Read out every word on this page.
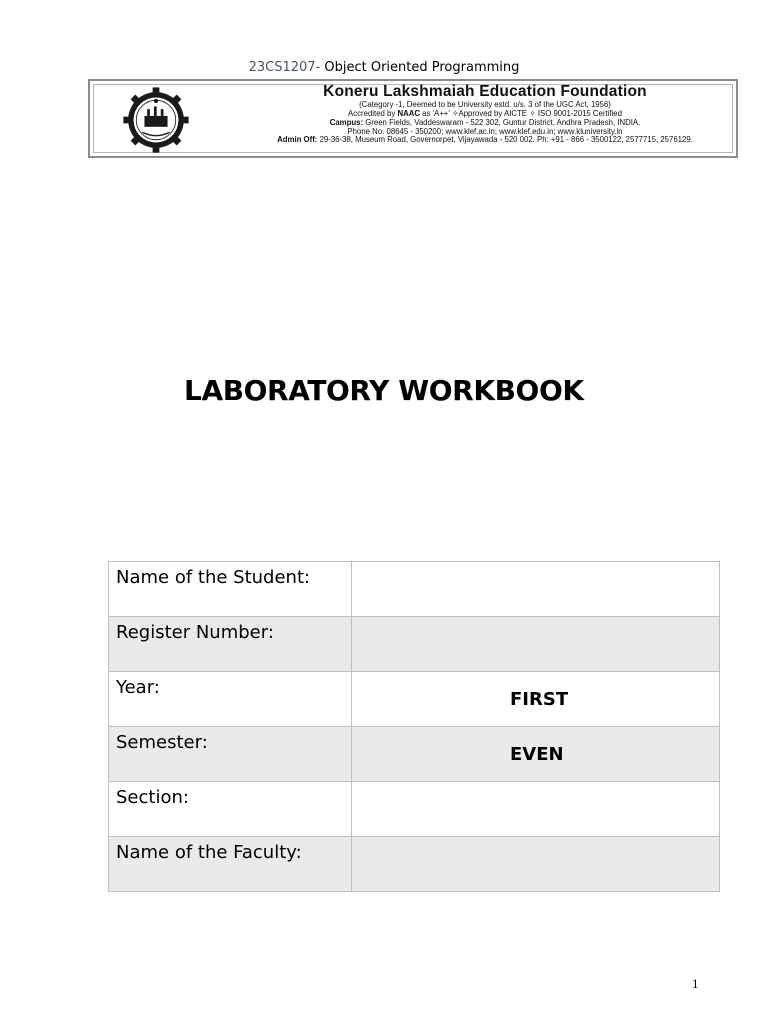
23CS1207- Object Oriented Programming
Koneru Lakshmaiah Education Foundation
(Category -1, Deemed to be University estd. u/s. 3 of the UGC Act, 1956)
Accredited by NAAC as 'A++' ✧Approved by AICTE ✧ ISO 9001-2015 Certified
Campus: Green Fields, Vaddeswaram - 522 302, Guntur District, Andhra Pradesh, INDIA.
Phone No. 08645 - 350200; www.klef.ac.in; www.klef.edu.in; www.kluniversity.in
Admin Off: 29-36-38, Museum Road, Governorpet, Vijayawada - 520 002. Ph: +91 - 866 - 3500122, 2577715, 2576129.
LABORATORY WORKBOOK
Name of the Student:	

Register Number:	

Year:	FIRST

Semester:	EVEN

Section:	

Name of the Faculty:	
1
